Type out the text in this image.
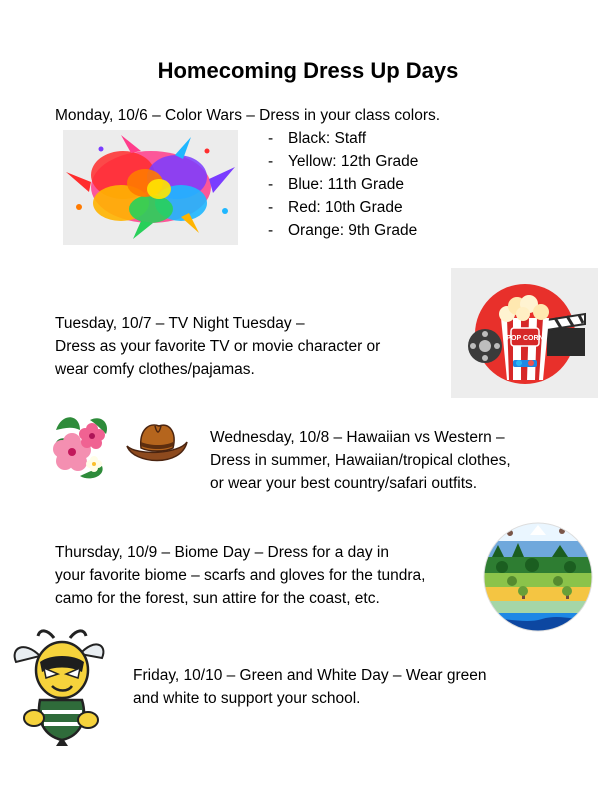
Homecoming Dress Up Days
Monday, 10/6 – Color Wars – Dress in your class colors.
- Black: Staff
- Yellow: 12th Grade
- Blue: 11th Grade
- Red: 10th Grade
- Orange: 9th Grade
Tuesday, 10/7 – TV Night Tuesday –
Dress as your favorite TV or movie character or
wear comfy clothes/pajamas.
POP CORN
Wednesday, 10/8 – Hawaiian vs Western –
Dress in summer, Hawaiian/tropical clothes,
or wear your best country/safari outfits.
Thursday, 10/9 – Biome Day – Dress for a day in
your favorite biome – scarfs and gloves for the tundra,
camo for the forest, sun attire for the coast, etc.
Friday, 10/10 – Green and White Day – Wear green
and white to support your school.
